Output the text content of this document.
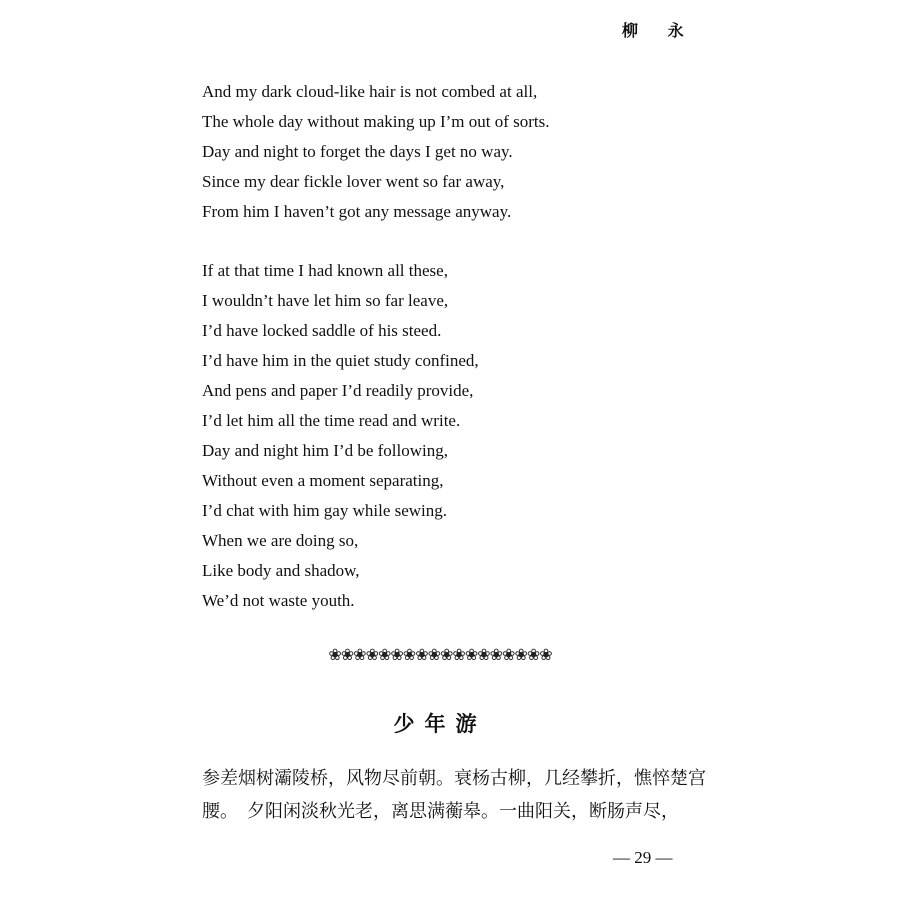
柳 永

And my dark cloud-like hair is not combed at all,
The whole day without making up I’m out of sorts.
Day and night to forget the days I get no way.
Since my dear fickle lover went so far away,
From him I haven’t got any message anyway.
If at that time I had known all these,
I wouldn’t have let him so far leave,
I’d have locked saddle of his steed.
I’d have him in the quiet study confined,
And pens and paper I’d readily provide,
I’d let him all the time read and write.
Day and night him I’d be following,
Without even a moment separating,
I’d chat with him gay while sewing.
When we are doing so,
Like body and shadow,
We’d not waste youth.

❀❀❀❀❀❀❀❀❀❀❀❀❀❀❀❀❀❀

少年游

参差烟树灞陵桥，风物尽前朝。衰杨古柳，几经攀折，憔悴楚宫
腰。　夕阳闲淡秋光老，离思满蘅皋。一曲阳关，断肠声尽，

— 29 —
